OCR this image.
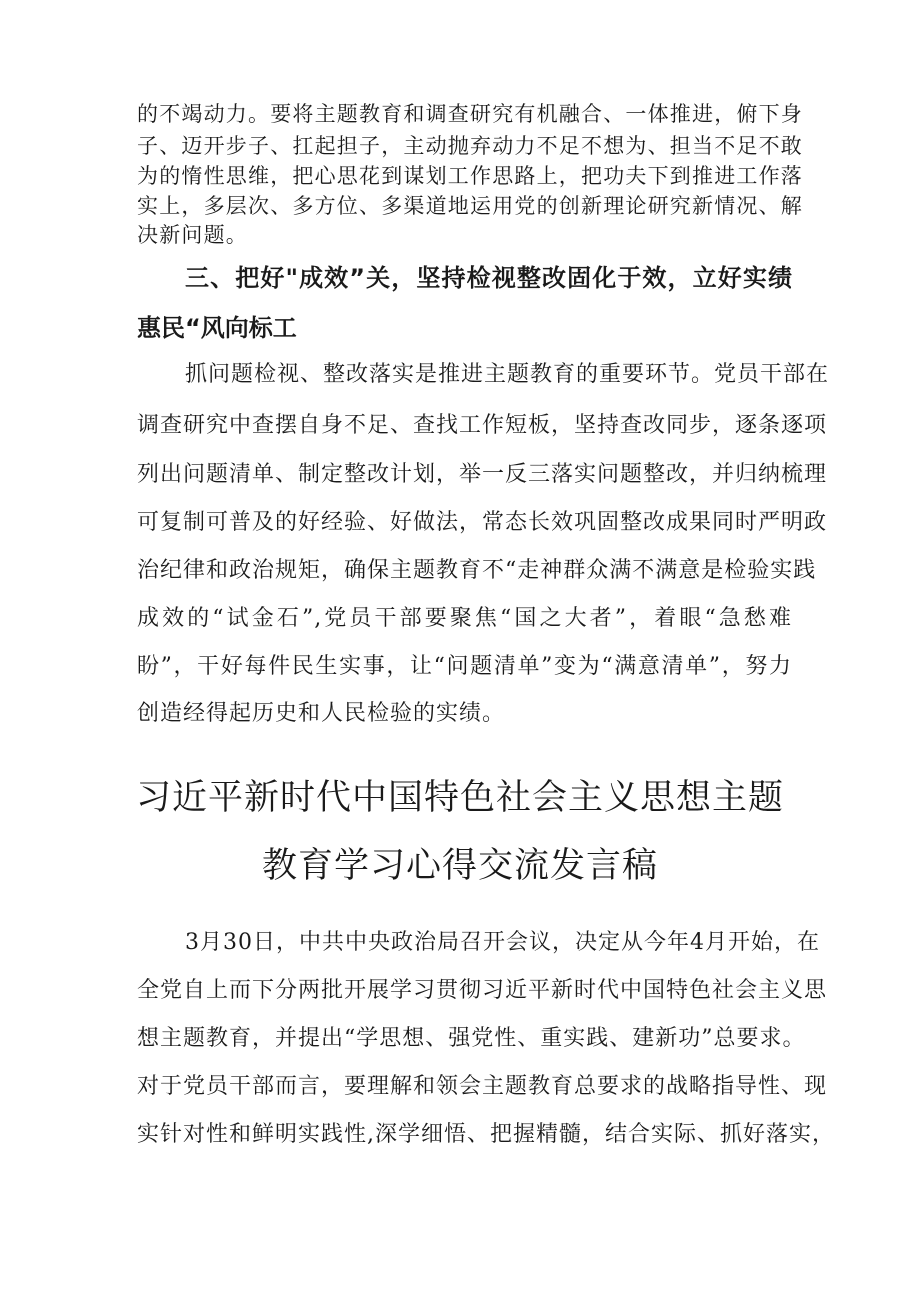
的不竭动力。要将主题教育和调查研究有机融合、一体推进，俯下身

子、迈开步子、扛起担子，主动抛弃动力不足不想为、担当不足不敢

为的惰性思维，把心思花到谋划工作思路上，把功夫下到推进工作落

实上，多层次、多方位、多渠道地运用党的创新理论研究新情况、解

决新问题。

三、把好"成效”关，坚持检视整改固化于效，立好实绩

惠民“风向标工

抓问题检视、整改落实是推进主题教育的重要环节。党员干部在

调查研究中查摆自身不足、查找工作短板，坚持查改同步，逐条逐项

列出问题清单、制定整改计划，举一反三落实问题整改，并归纳梳理

可复制可普及的好经验、好做法，常态长效巩固整改成果同时严明政

治纪律和政治规矩，确保主题教育不“走神群众满不满意是检验实践

成效的“试金石”,党员干部要聚焦“国之大者”，着眼“急愁难

盼”，干好每件民生实事，让“问题清单”变为“满意清单”，努力

创造经得起历史和人民检验的实绩。

习近平新时代中国特色社会主义思想主题
教育学习心得交流发言稿

3月30日，中共中央政治局召开会议，决定从今年4月开始，在

全党自上而下分两批开展学习贯彻习近平新时代中国特色社会主义思

想主题教育，并提出“学思想、强党性、重实践、建新功”总要求。

对于党员干部而言，要理解和领会主题教育总要求的战略指导性、现

实针对性和鲜明实践性,深学细悟、把握精髓，结合实际、抓好落实，
